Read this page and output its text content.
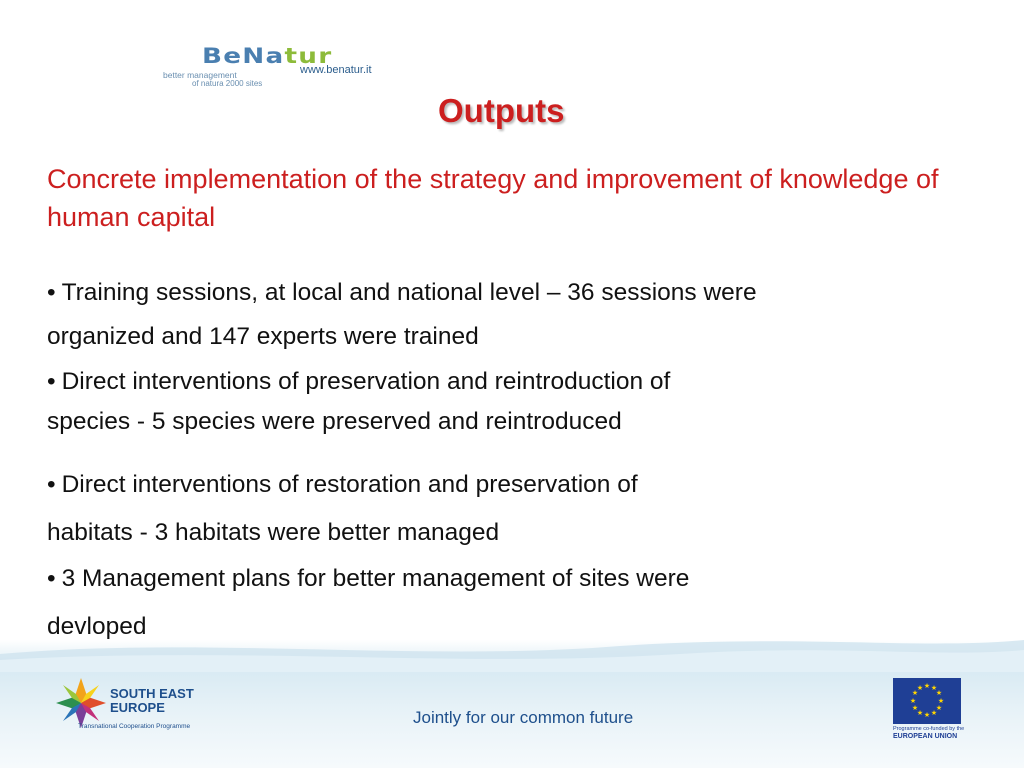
BeNatur
www.benatur.it
better management
of natura 2000 sites
Outputs
Concrete implementation of the strategy and improvement of knowledge of human capital
• Training sessions, at local and national level – 36 sessions were
organized and 147 experts were trained
• Direct interventions of preservation and reintroduction of
species - 5 species were preserved and reintroduced
• Direct interventions of restoration and preservation of
habitats - 3 habitats were better managed
• 3 Management plans for better management of sites were
devloped
SOUTH EAST
EUROPE
Transnational Cooperation Programme	Jointly for our common future
★ ★
★
★
★
★
★
★
★
★
★
★
Programme co-funded by the
EUROPEAN UNION
